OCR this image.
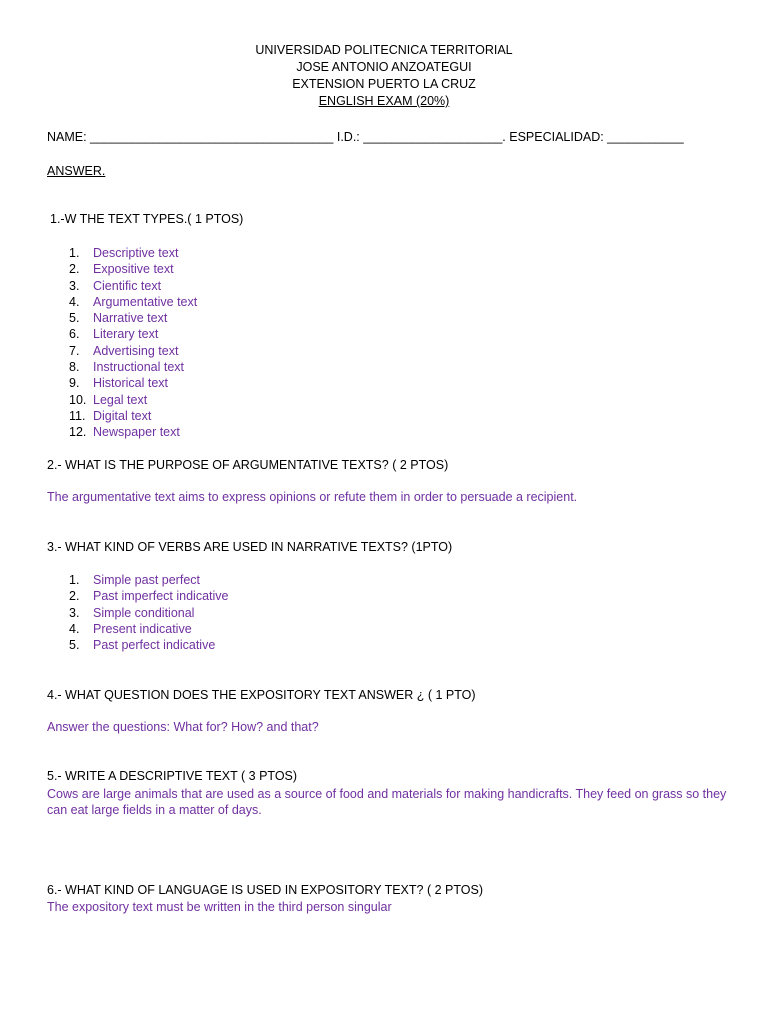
UNIVERSIDAD POLITECNICA TERRITORIAL
JOSE ANTONIO ANZOATEGUI
EXTENSION PUERTO LA CRUZ
ENGLISH EXAM (20%)
NAME: ___________________________________ I.D.: ____________________. ESPECIALIDAD: ___________
ANSWER.
1.-W THE TEXT TYPES.( 1 PTOS)
1. Descriptive text
2. Expositive text
3. Cientific text
4. Argumentative text
5. Narrative text
6. Literary text
7. Advertising text
8. Instructional text
9. Historical text
10. Legal text
11. Digital text
12. Newspaper text
2.- WHAT IS THE PURPOSE OF ARGUMENTATIVE TEXTS? ( 2 PTOS)
The argumentative text aims to express opinions or refute them in order to persuade a recipient.
3.- WHAT KIND OF VERBS ARE USED IN NARRATIVE TEXTS? (1PTO)
1. Simple past perfect
2. Past imperfect indicative
3. Simple conditional
4. Present indicative
5. Past perfect indicative
4.- WHAT QUESTION DOES THE EXPOSITORY TEXT ANSWER ¿ ( 1 PTO)
Answer the questions: What for? How? and that?
5.- WRITE A DESCRIPTIVE TEXT ( 3 PTOS)
Cows are large animals that are used as a source of food and materials for making handicrafts. They feed on grass so they can eat large fields in a matter of days.
6.- WHAT KIND OF LANGUAGE IS USED IN EXPOSITORY TEXT? ( 2 PTOS)
The expository text must be written in the third person singular
